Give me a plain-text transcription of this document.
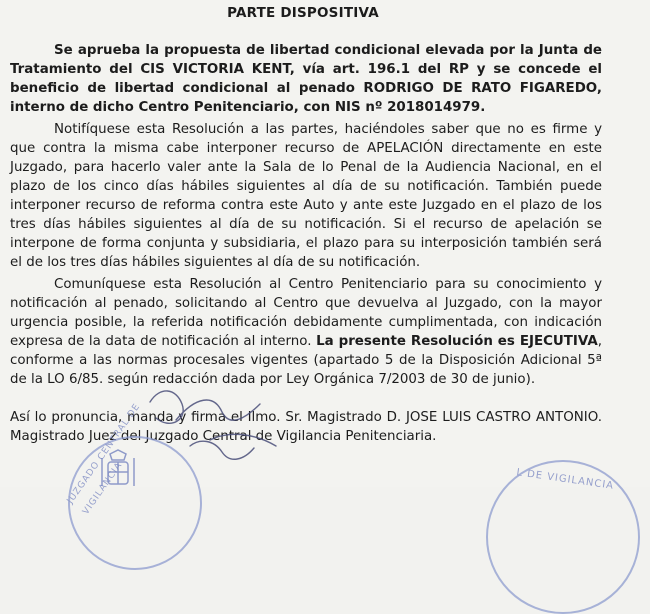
PARTE DISPOSITIVA

Se aprueba la propuesta de libertad condicional elevada por la Junta de Tratamiento del CIS VICTORIA KENT, vía art. 196.1 del RP y se concede el beneficio de libertad condicional al penado RODRIGO DE RATO FIGAREDO, interno de dicho Centro Penitenciario, con NIS nº 2018014979.

Notifíquese esta Resolución a las partes, haciéndoles saber que no es firme y que contra la misma cabe interponer recurso de APELACIÓN directamente en este Juzgado, para hacerlo valer ante la Sala de lo Penal de la Audiencia Nacional, en el plazo de los cinco días hábiles siguientes al día de su notificación. También puede interponer recurso de reforma contra este Auto y ante este Juzgado en el plazo de los tres días hábiles siguientes al día de su notificación. Si el recurso de apelación se interpone de forma conjunta y subsidiaria, el plazo para su interposición también será el de los tres días hábiles siguientes al día de su notificación.

Comuníquese esta Resolución al Centro Penitenciario para su conocimiento y notificación al penado, solicitando al Centro que devuelva al Juzgado, con la mayor urgencia posible, la referida notificación debidamente cumplimentada, con indicación expresa de la data de notificación al interno. La presente Resolución es EJECUTIVA, conforme a las normas procesales vigentes (apartado 5 de la Disposición Adicional 5ª de la LO 6/85. según redacción dada por Ley Orgánica 7/2003 de 30 de junio).

Así lo pronuncia, manda y firma el Ilmo. Sr. Magistrado D. JOSE LUIS CASTRO ANTONIO. Magistrado Juez del Juzgado Central de Vigilancia Penitenciaria.

JUZGADO CENTRAL DE VIGILANCIA	L DE VIGILANCIA
